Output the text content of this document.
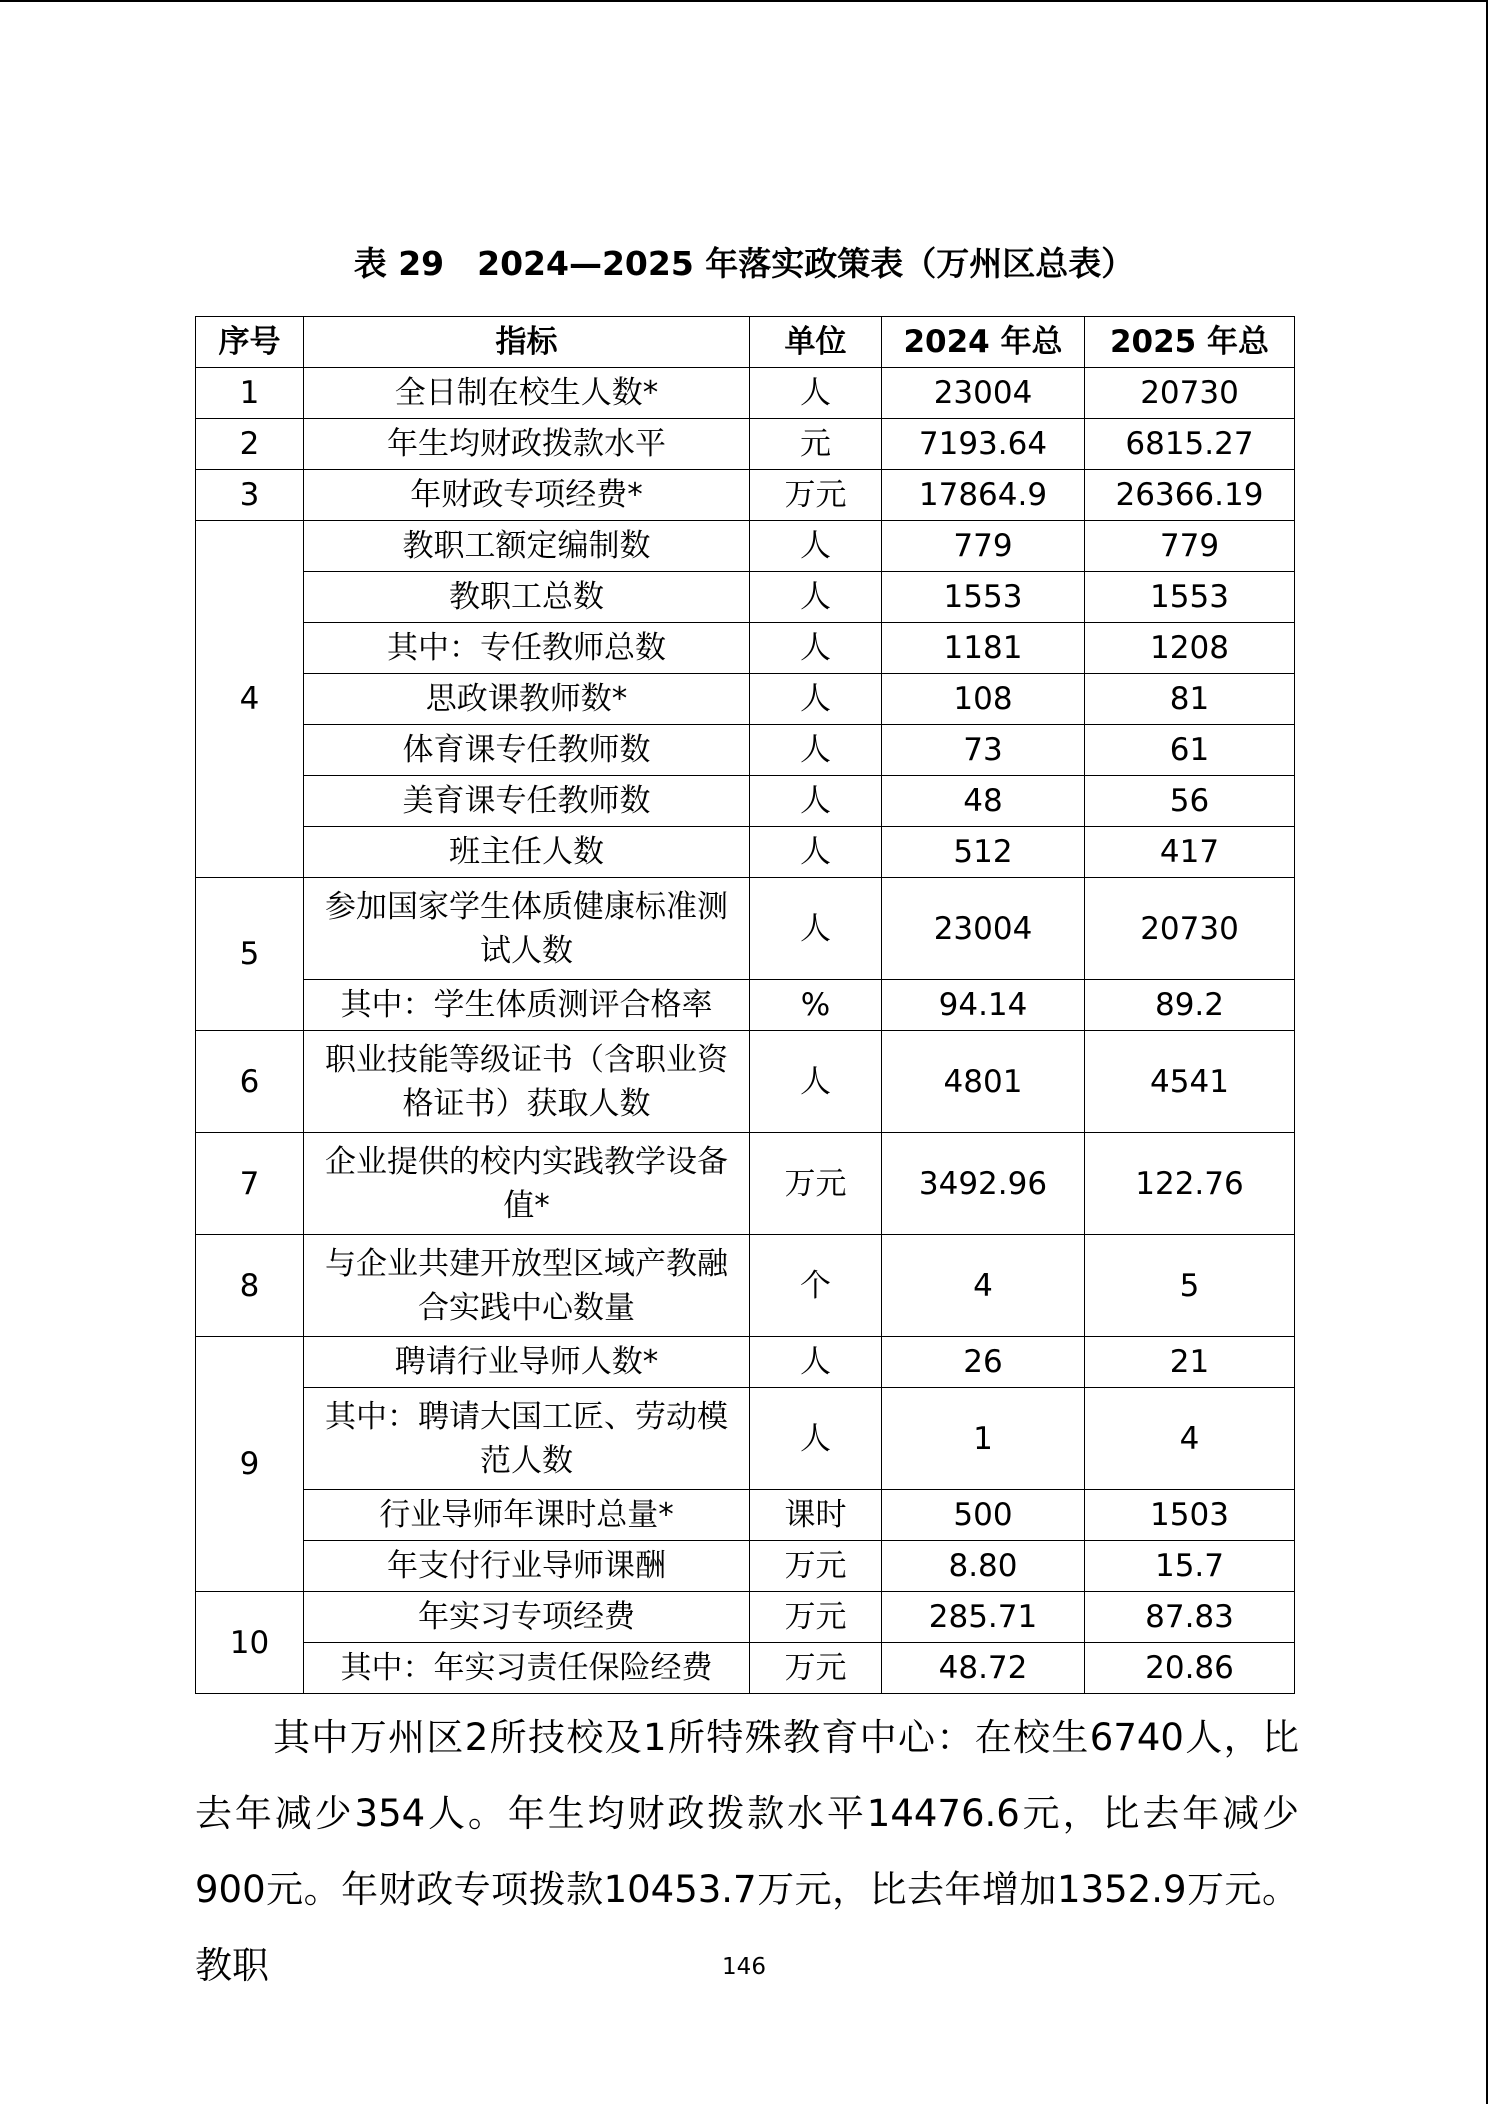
表 29　2024—2025 年落实政策表（万州区总表）
序号	指标	单位	2024 年总	2025 年总
1	全日制在校生人数*	人	23004	20730
2	年生均财政拨款水平	元	7193.64	6815.27
3	年财政专项经费*	万元	17864.9	26366.19
4	教职工额定编制数	人	779	779
	教职工总数	人	1553	1553
	其中：专任教师总数	人	1181	1208
	思政课教师数*	人	108	81
	体育课专任教师数	人	73	61
	美育课专任教师数	人	48	56
	班主任人数	人	512	417
5	参加国家学生体质健康标准测试人数	人	23004	20730
	其中：学生体质测评合格率	%	94.14	89.2
6	职业技能等级证书（含职业资格证书）获取人数	人	4801	4541
7	企业提供的校内实践教学设备值*	万元	3492.96	122.76
8	与企业共建开放型区域产教融合实践中心数量	个	4	5
9	聘请行业导师人数*	人	26	21
	其中：聘请大国工匠、劳动模范人数	人	1	4
	行业导师年课时总量*	课时	500	1503
	年支付行业导师课酬	万元	8.80	15.7
10	年实习专项经费	万元	285.71	87.83
	其中：年实习责任保险经费	万元	48.72	20.86

其中万州区2所技校及1所特殊教育中心：在校生6740人，比去年减少354人。年生均财政拨款水平14476.6元，比去年减少900元。年财政专项拨款10453.7万元，比去年增加1352.9万元。教职	146
